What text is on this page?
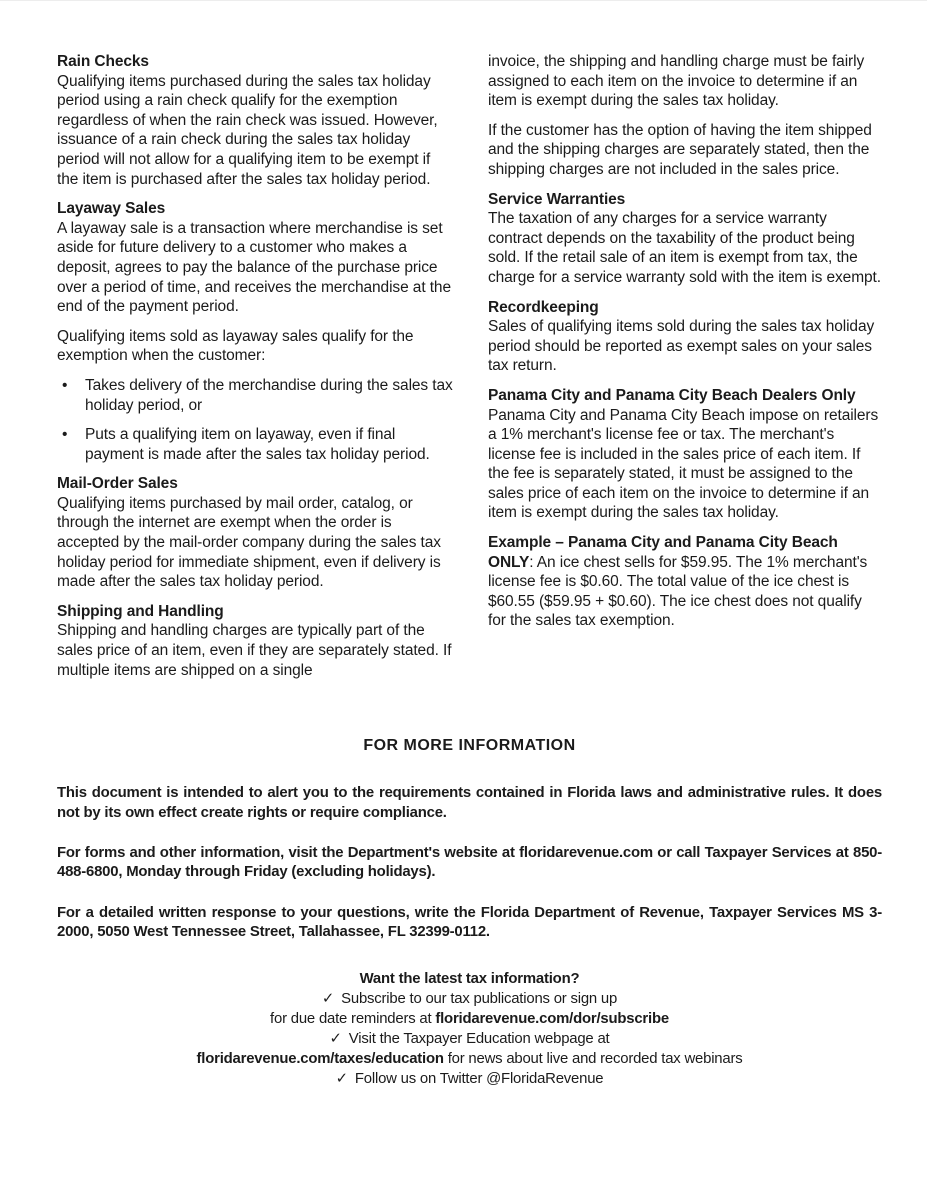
Rain Checks

Qualifying items purchased during the sales tax holiday period using a rain check qualify for the exemption regardless of when the rain check was issued. However, issuance of a rain check during the sales tax holiday period will not allow for a qualifying item to be exempt if the item is purchased after the sales tax holiday period.

Layaway Sales

A layaway sale is a transaction where merchandise is set aside for future delivery to a customer who makes a deposit, agrees to pay the balance of the purchase price over a period of time, and receives the merchandise at the end of the payment period.

Qualifying items sold as layaway sales qualify for the exemption when the customer:

• Takes delivery of the merchandise during the sales tax holiday period, or
• Puts a qualifying item on layaway, even if final payment is made after the sales tax holiday period.
Mail-Order Sales

Qualifying items purchased by mail order, catalog, or through the internet are exempt when the order is accepted by the mail-order company during the sales tax holiday period for immediate shipment, even if delivery is made after the sales tax holiday period.

Shipping and Handling

Shipping and handling charges are typically part of the sales price of an item, even if they are separately stated. If multiple items are shipped on a single

invoice, the shipping and handling charge must be fairly assigned to each item on the invoice to determine if an item is exempt during the sales tax holiday.

If the customer has the option of having the item shipped and the shipping charges are separately stated, then the shipping charges are not included in the sales price.

Service Warranties

The taxation of any charges for a service warranty contract depends on the taxability of the product being sold. If the retail sale of an item is exempt from tax, the charge for a service warranty sold with the item is exempt.

Recordkeeping

Sales of qualifying items sold during the sales tax holiday period should be reported as exempt sales on your sales tax return.

Panama City and Panama City Beach Dealers Only

Panama City and Panama City Beach impose on retailers a 1% merchant's license fee or tax. The merchant's license fee is included in the sales price of each item. If the fee is separately stated, it must be assigned to the sales price of each item on the invoice to determine if an item is exempt during the sales tax holiday.

Example – Panama City and Panama City Beach ONLY: An ice chest sells for $59.95. The 1% merchant's license fee is $0.60. The total value of the ice chest is $60.55 ($59.95 + $0.60). The ice chest does not qualify for the sales tax exemption.

FOR MORE INFORMATION

This document is intended to alert you to the requirements contained in Florida laws and administrative rules. It does not by its own effect create rights or require compliance.

For forms and other information, visit the Department's website at floridarevenue.com or call Taxpayer Services at 850-488-6800, Monday through Friday (excluding holidays).

For a detailed written response to your questions, write the Florida Department of Revenue, Taxpayer Services MS 3-2000, 5050 West Tennessee Street, Tallahassee, FL 32399-0112.

Want the latest tax information?

✓ Subscribe to our tax publications or sign up

for due date reminders at floridarevenue.com/dor/subscribe

✓ Visit the Taxpayer Education webpage at

floridarevenue.com/taxes/education for news about live and recorded tax webinars

✓ Follow us on Twitter @FloridaRevenue
